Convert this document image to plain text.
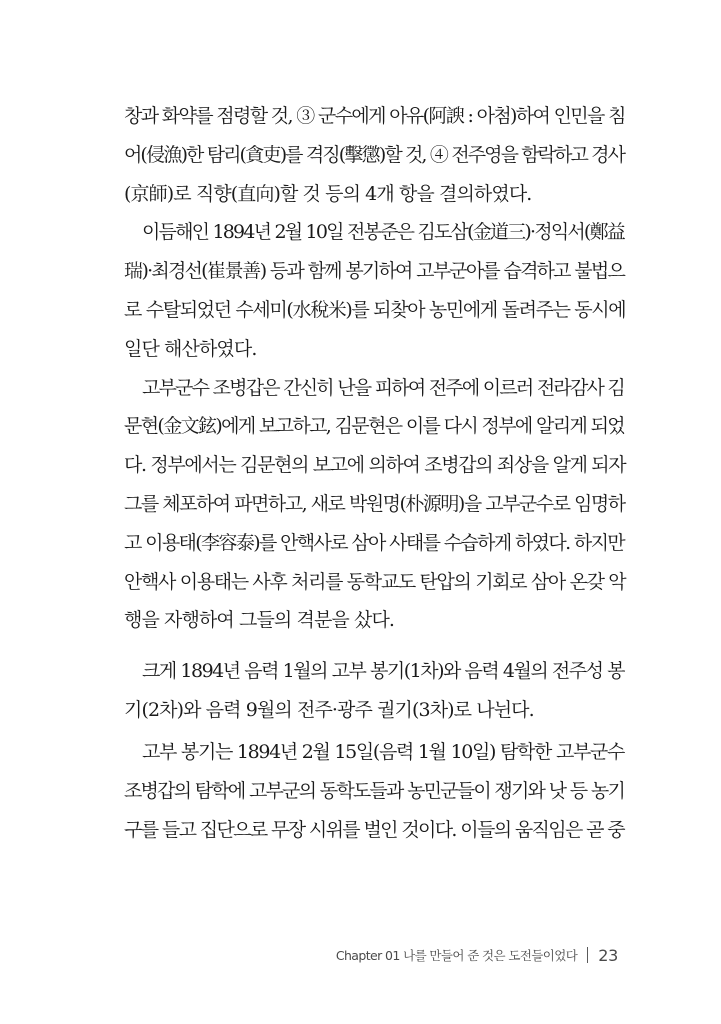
창과 화약를 점령할 것, ③ 군수에게 아유(阿諛 : 아첨)하여 인민을 침
어(侵漁)한 탐리(貪吏)를 격징(擊懲)할 것, ④ 전주영을 함락하고 경사
(京師)로 직향(直向)할 것 등의 4개 항을 결의하였다.
이듬해인 1894년 2월 10일 전봉준은 김도삼(金道三)·정익서(鄭益
瑞)·최경선(崔景善) 등과 함께 봉기하여 고부군아를 습격하고 불법으
로 수탈되었던 수세미(水稅米)를 되찾아 농민에게 돌려주는 동시에
일단 해산하였다.
고부군수 조병갑은 간신히 난을 피하여 전주에 이르러 전라감사 김
문현(金文鉉)에게 보고하고, 김문현은 이를 다시 정부에 알리게 되었
다. 정부에서는 김문현의 보고에 의하여 조병갑의 죄상을 알게 되자
그를 체포하여 파면하고, 새로 박원명(朴源明)을 고부군수로 임명하
고 이용태(李容泰)를 안핵사로 삼아 사태를 수습하게 하였다. 하지만
안핵사 이용태는 사후 처리를 동학교도 탄압의 기회로 삼아 온갖 악
행을 자행하여 그들의 격분을 샀다.
크게 1894년 음력 1월의 고부 봉기(1차)와 음력 4월의 전주성 봉
기(2차)와 음력 9월의 전주·광주 궐기(3차)로 나뉜다.
고부 봉기는 1894년 2월 15일(음력 1월 10일) 탐학한 고부군수
조병갑의 탐학에 고부군의 동학도들과 농민군들이 쟁기와 낫 등 농기
구를 들고 집단으로 무장 시위를 벌인 것이다. 이들의 움직임은 곧 중
Chapter 01 나를 만들어 준 것은 도전들이었다 23
